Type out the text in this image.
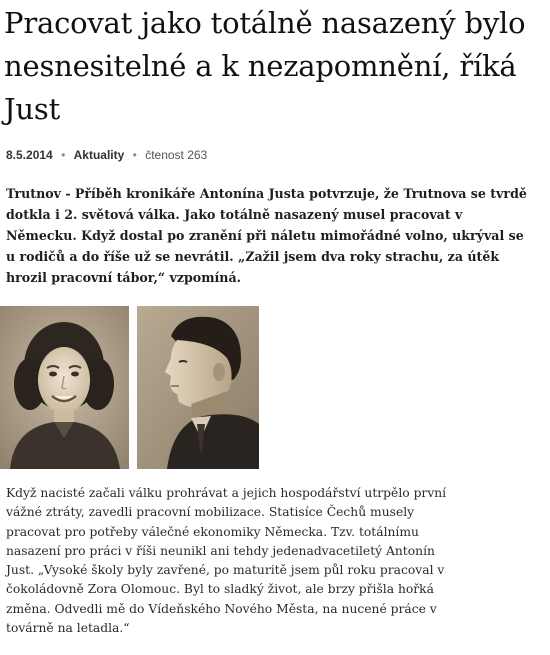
Pracovat jako totálně nasazený bylo nesnesitelné a k nezapomnění, říká Just
8.5.2014 • Aktuality • čtenost 263

Trutnov - Příběh kronikáře Antonína Justa potvrzuje, že Trutnova se tvrdě dotkla i 2. světová válka. Jako totálně nasazený musel pracovat v Německu. Když dostal po zranění při náletu mimořádné volno, ukrýval se u rodičů a do říše už se nevrátil. „Zažil jsem dva roky strachu, za útěk hrozil pracovní tábor,“ vzpomíná.

Když nacisté začali válku prohrávat a jejich hospodářství utrpělo první vážné ztráty, zavedli pracovní mobilizace. Statisíce Čechů musely pracovat pro potřeby válečné ekonomiky Německa. Tzv. totálnímu nasazení pro práci v říši neunikl ani tehdy jedenadvacetiletý Antonín Just. „Vysoké školy byly zavřené, po maturitě jsem půl roku pracoval v čokoládovně Zora Olomouc. Byl to sladký život, ale brzy přišla hořká změna. Odvedli mě do Vídeňského Nového Města, na nucené práce v továrně na letadla.“
